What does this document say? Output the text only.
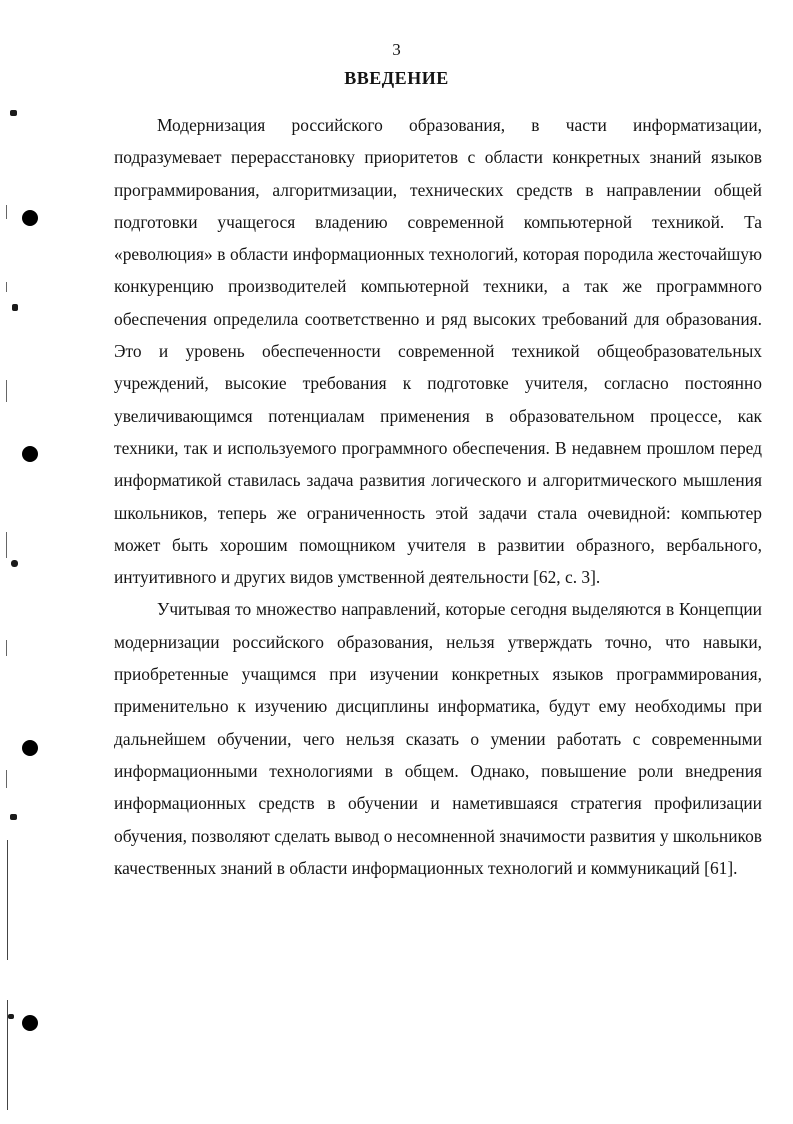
3
ВВЕДЕНИЕ

Модернизация российского образования, в части информатизации, подразумевает перерасстановку приоритетов с области конкретных знаний языков программирования, алгоритмизации, технических средств в направлении общей подготовки учащегося владению современной компьютерной техникой. Та «революция» в области информационных технологий, которая породила жесточайшую конкуренцию производителей компьютерной техники, а так же программного обеспечения определила соответственно и ряд высоких требований для образования. Это и уровень обеспеченности современной техникой общеобразовательных учреждений, высокие требования к подготовке учителя, согласно постоянно увеличивающимся потенциалам применения в образовательном процессе, как техники, так и используемого программного обеспечения. В недавнем прошлом перед информатикой ставилась задача развития логического и алгоритмического мышления школьников, теперь же ограниченность этой задачи стала очевидной: компьютер может быть хорошим помощником учителя в развитии образного, вербального, интуитивного и других видов умственной деятельности [62, с. 3].

Учитывая то множество направлений, которые сегодня выделяются в Концепции модернизации российского образования, нельзя утверждать точно, что навыки, приобретенные учащимся при изучении конкретных языков программирования, применительно к изучению дисциплины информатика, будут ему необходимы при дальнейшем обучении, чего нельзя сказать о умении работать с современными информационными технологиями в общем. Однако, повышение роли внедрения информационных средств в обучении и наметившаяся стратегия профилизации обучения, позволяют сделать вывод о несомненной значимости развития у школьников качественных знаний в области информационных технологий и коммуникаций [61].
